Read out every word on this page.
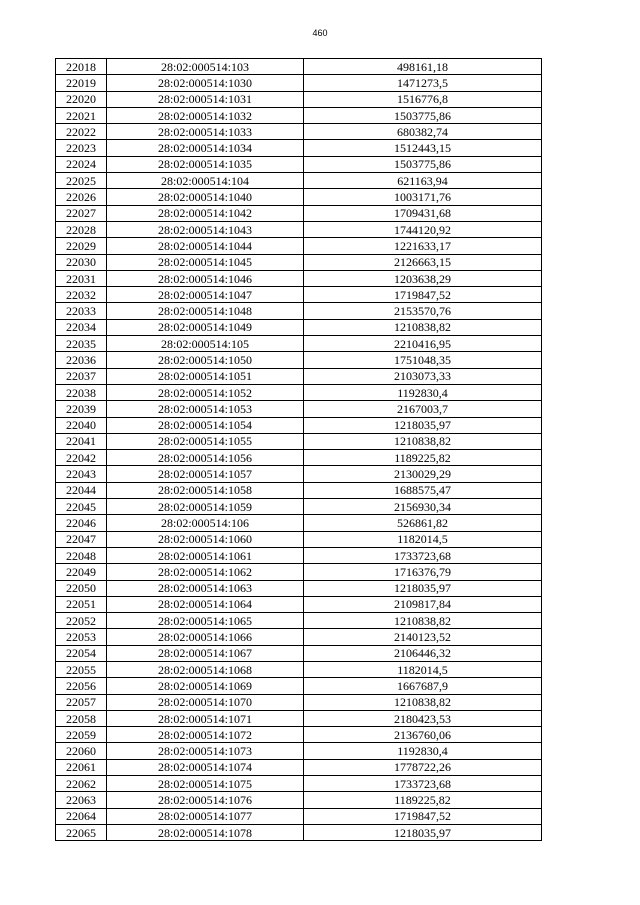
460
22018	28:02:000514:103	498161,18
22019	28:02:000514:1030	1471273,5
22020	28:02:000514:1031	1516776,8
22021	28:02:000514:1032	1503775,86
22022	28:02:000514:1033	680382,74
22023	28:02:000514:1034	1512443,15
22024	28:02:000514:1035	1503775,86
22025	28:02:000514:104	621163,94
22026	28:02:000514:1040	1003171,76
22027	28:02:000514:1042	1709431,68
22028	28:02:000514:1043	1744120,92
22029	28:02:000514:1044	1221633,17
22030	28:02:000514:1045	2126663,15
22031	28:02:000514:1046	1203638,29
22032	28:02:000514:1047	1719847,52
22033	28:02:000514:1048	2153570,76
22034	28:02:000514:1049	1210838,82
22035	28:02:000514:105	2210416,95
22036	28:02:000514:1050	1751048,35
22037	28:02:000514:1051	2103073,33
22038	28:02:000514:1052	1192830,4
22039	28:02:000514:1053	2167003,7
22040	28:02:000514:1054	1218035,97
22041	28:02:000514:1055	1210838,82
22042	28:02:000514:1056	1189225,82
22043	28:02:000514:1057	2130029,29
22044	28:02:000514:1058	1688575,47
22045	28:02:000514:1059	2156930,34
22046	28:02:000514:106	526861,82
22047	28:02:000514:1060	1182014,5
22048	28:02:000514:1061	1733723,68
22049	28:02:000514:1062	1716376,79
22050	28:02:000514:1063	1218035,97
22051	28:02:000514:1064	2109817,84
22052	28:02:000514:1065	1210838,82
22053	28:02:000514:1066	2140123,52
22054	28:02:000514:1067	2106446,32
22055	28:02:000514:1068	1182014,5
22056	28:02:000514:1069	1667687,9
22057	28:02:000514:1070	1210838,82
22058	28:02:000514:1071	2180423,53
22059	28:02:000514:1072	2136760,06
22060	28:02:000514:1073	1192830,4
22061	28:02:000514:1074	1778722,26
22062	28:02:000514:1075	1733723,68
22063	28:02:000514:1076	1189225,82
22064	28:02:000514:1077	1719847,52
22065	28:02:000514:1078	1218035,97
